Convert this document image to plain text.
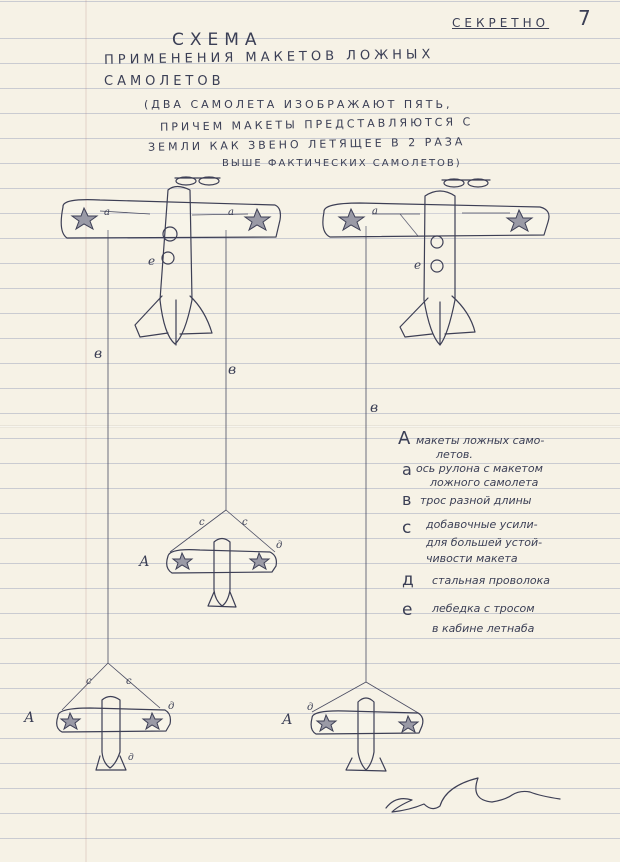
СЕКРЕТНО 7
СХЕМА
ПРИМЕНЕНИЯ МАКЕТОВ ЛОЖНЫХ
САМОЛЕТОВ
(ДВА САМОЛЕТА ИЗОБРАЖАЮТ ПЯТЬ,
ПРИЧЕМ МАКЕТЫ ПРЕДСТАВЛЯЮТСЯ С
ЗЕМЛИ КАК ЗВЕНО ЛЕТЯЩЕЕ В 2 РАЗА
ВЫШЕ ФАКТИЧЕСКИХ САМОЛЕТОВ)
а	а	а
е	е
в
в
в
с	с
д
А
с	с
д
д
А
д
А
А макеты ложных само-
летов.
а ось рулона с макетом
ложного самолета
в трос разной длины
с добавочные усили-
для большей устой-
чивости макета
д стальная проволока
е лебедка с тросом
в кабине летнаба
